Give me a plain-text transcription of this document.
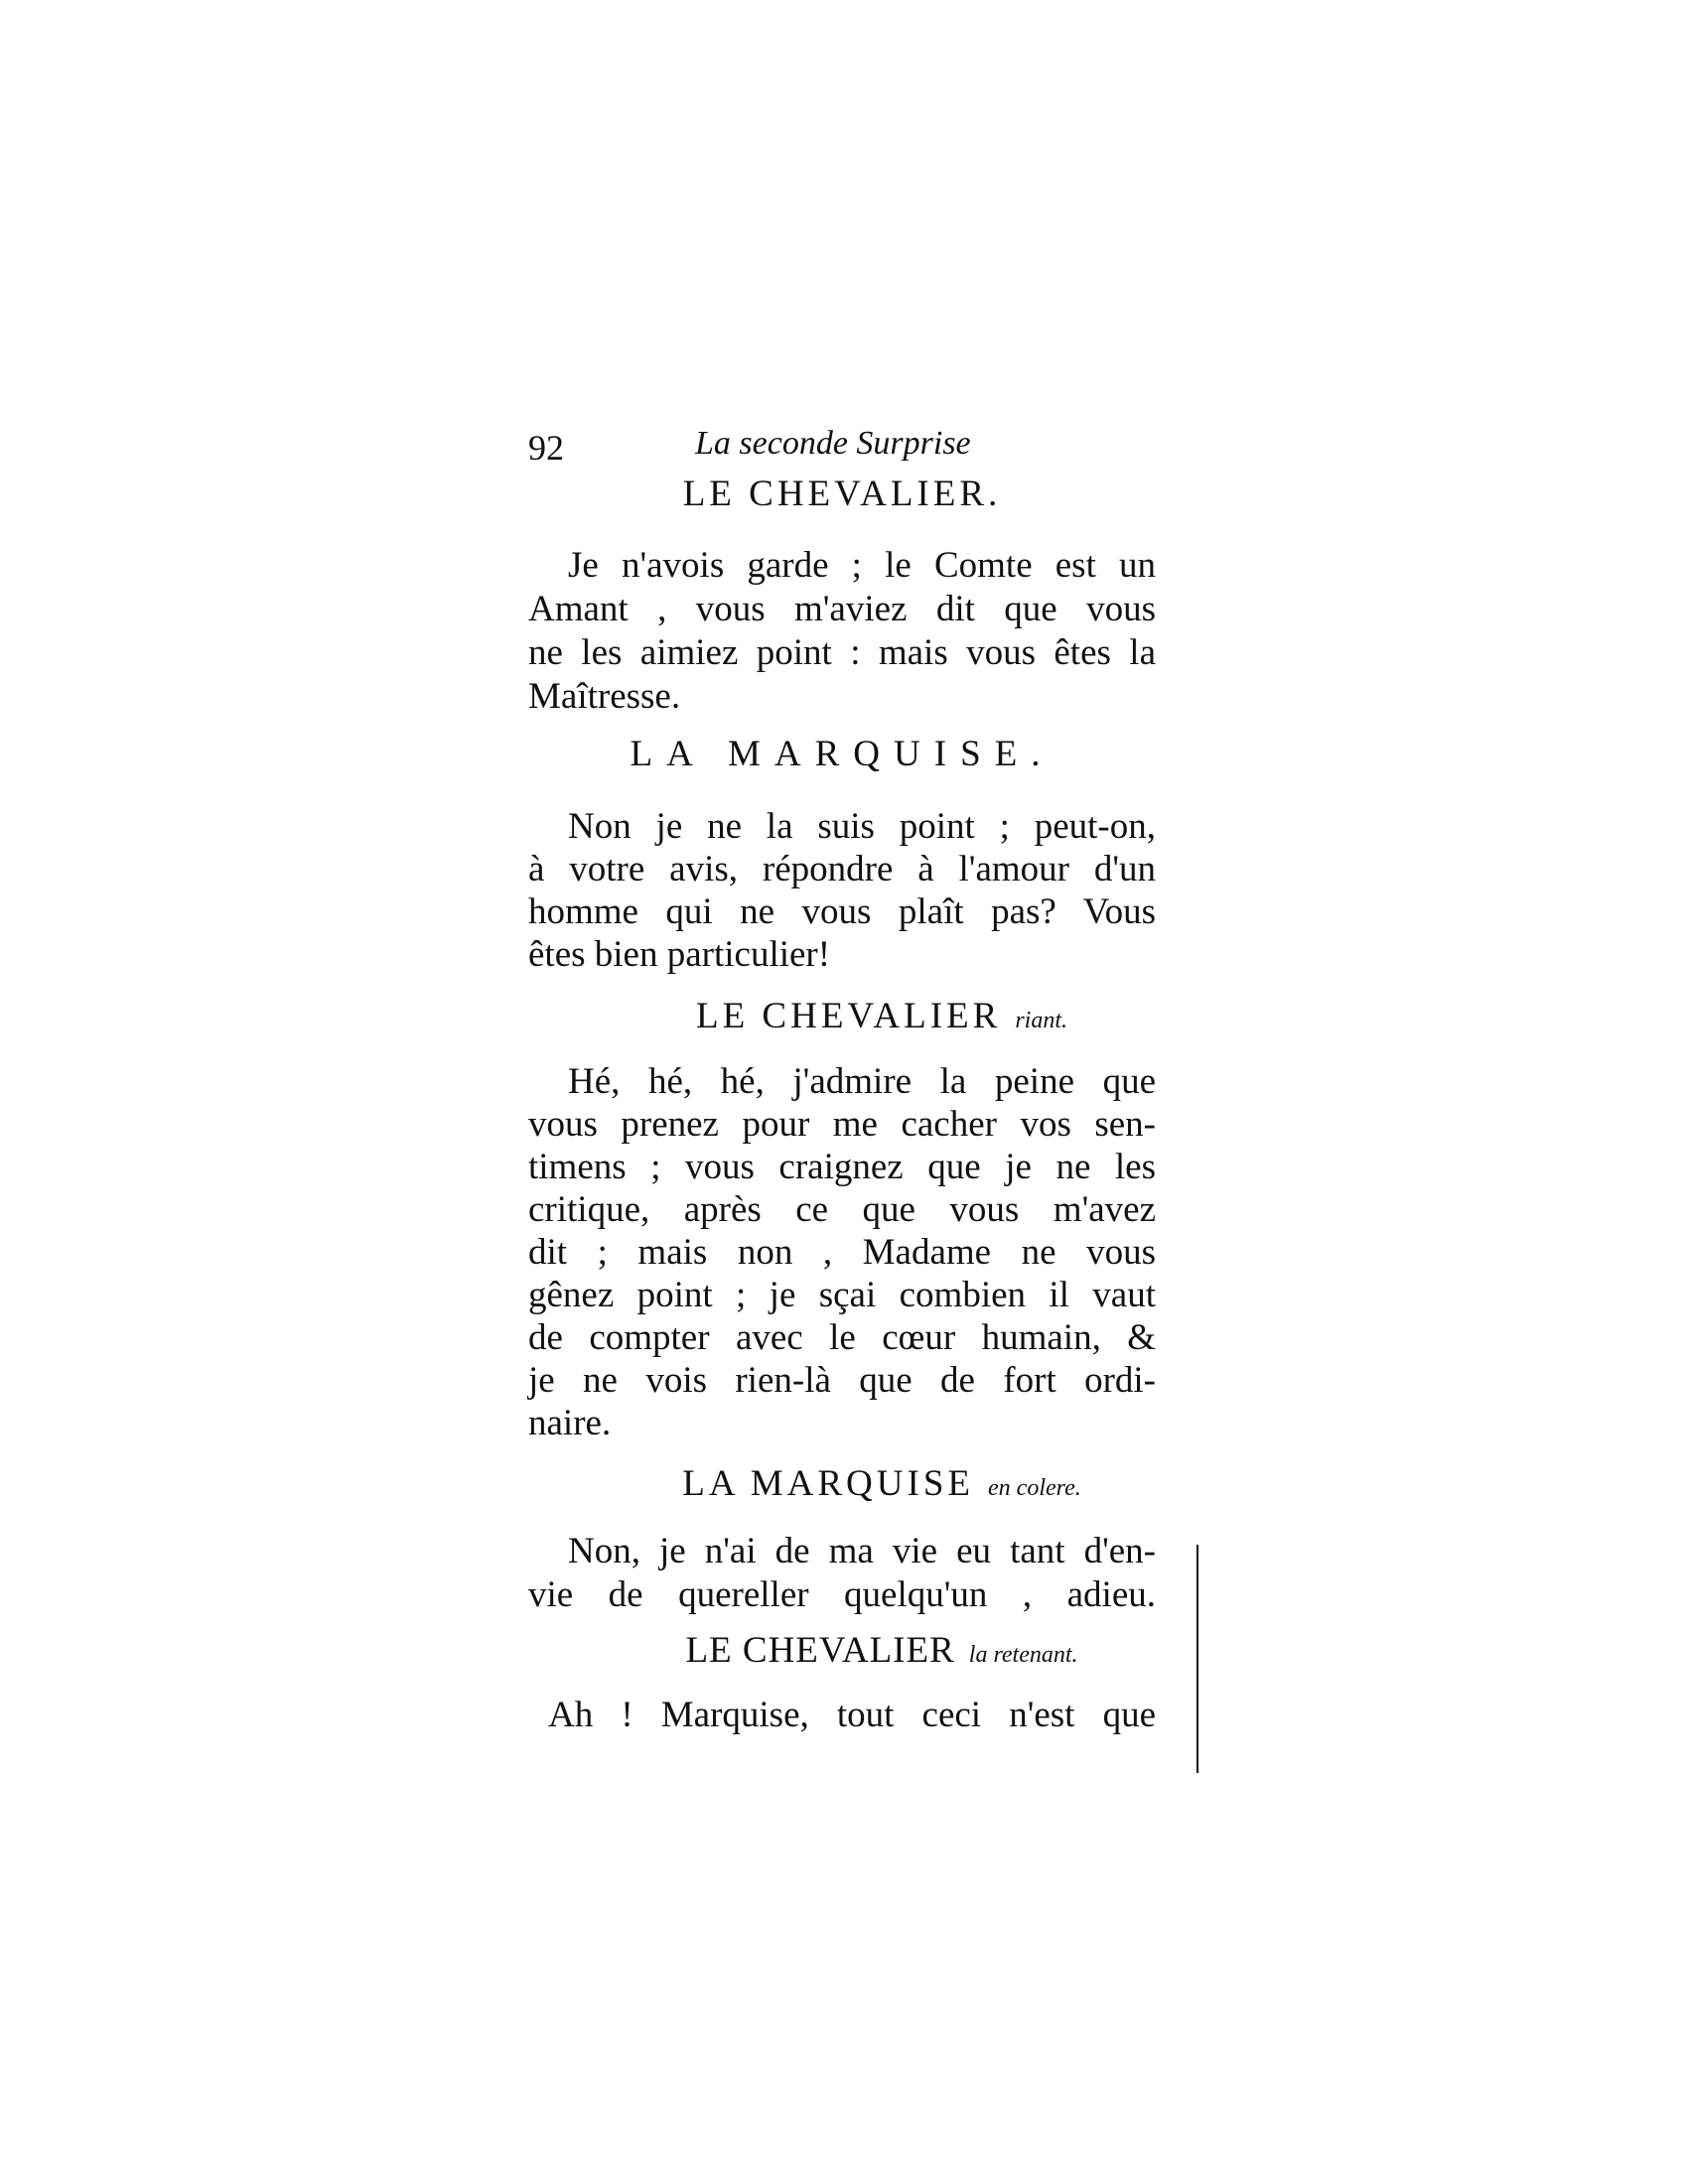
92	La seconde Surprise
LE CHEVALIER.
Je n'avois garde ; le Comte est un
Amant , vous m'aviez dit que vous
ne les aimiez point : mais vous êtes la
Maîtresse.
LA MARQUISE.
Non je ne la suis point ; peut-on,
à votre avis, répondre à l'amour d'un
homme qui ne vous plaît pas? Vous
êtes bien particulier!
LE CHEVALIER riant.
Hé, hé, hé, j'admire la peine que
vous prenez pour me cacher vos sen-
timens ; vous craignez que je ne les
critique, après ce que vous m'avez
dit ; mais non , Madame ne vous
gênez point ; je sçai combien il vaut
de compter avec le cœur humain, &
je ne vois rien-là que de fort ordi-
naire.
LA MARQUISE en colere.
Non, je n'ai de ma vie eu tant d'en-
vie de quereller quelqu'un , adieu.
LE CHEVALIER la retenant.
Ah ! Marquise, tout ceci n'est que
